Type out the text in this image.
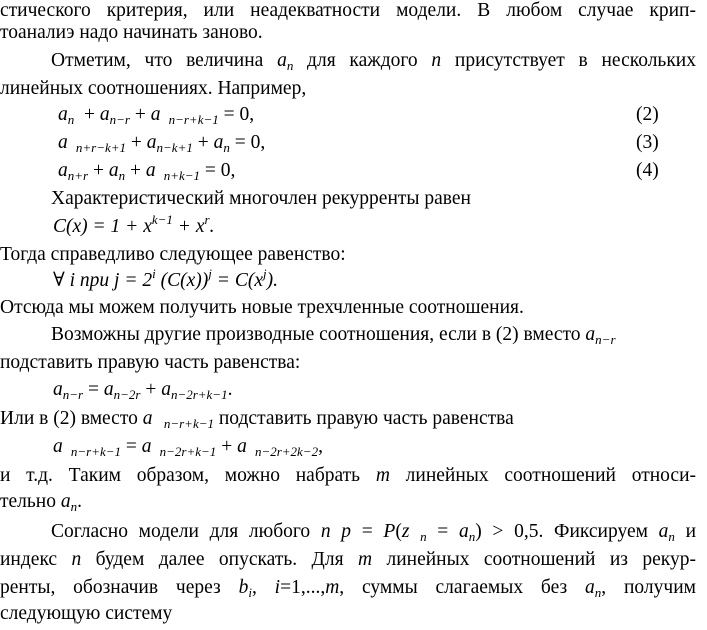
стического критерия, или неадекватности модели. В любом случае крип-
тоаналиэ надо начинать заново.
Отметим, что величина $a_n$ для каждого n присутствует в нескольких
линейных соотношениях. Например,
$a_n + a_{n-r} + a$  $_{n-r+k-1}$ = 0,	(2)
a  $_{n+r-k+1} + a_{n-k+1} + a_n = 0$,	(3)
$a_{n+r} + a_n + a$  $_{n+k-1}$ = 0,	(4)
Характеристический многочлен рекурренты равен
$C(x) = 1 + x^{k-1} + x^r$.
Тогда справедливо следующее равенство:
∀ i при $j = 2^i$ $(C(x))^j = C(x^j)$.
Отсюда мы можем получить новые трехчленные соотношения.
Возможны другие производные соотношения, если в (2) вместо $a_{n-r}$
подставить правую часть равенства:
$a_{n-r} = a_{n-2r} + a_{n-2r+k-1}$.
Или в (2) вместо a   $_{n-r+k-1}$ подставить правую часть равенства
a  $_{n-r+k-1}$ = a  $_{n-2r+k-1}$ + a  $_{n-2r+2k-2}$,
и т.д. Таким образом, можно набрать m линейных соотношений относи-
тельно $a_n$.
Согласно модели для любого n p = P(z $_n = a_n) > 0,5$. Фиксируем $a_n$ и
индекс n будем далее опускать. Для m линейных соотношений из рекур-
ренты, обозначив через $b_i$, i=1,...,m, суммы слагаемых без $a_n$, получим
следующую систему
